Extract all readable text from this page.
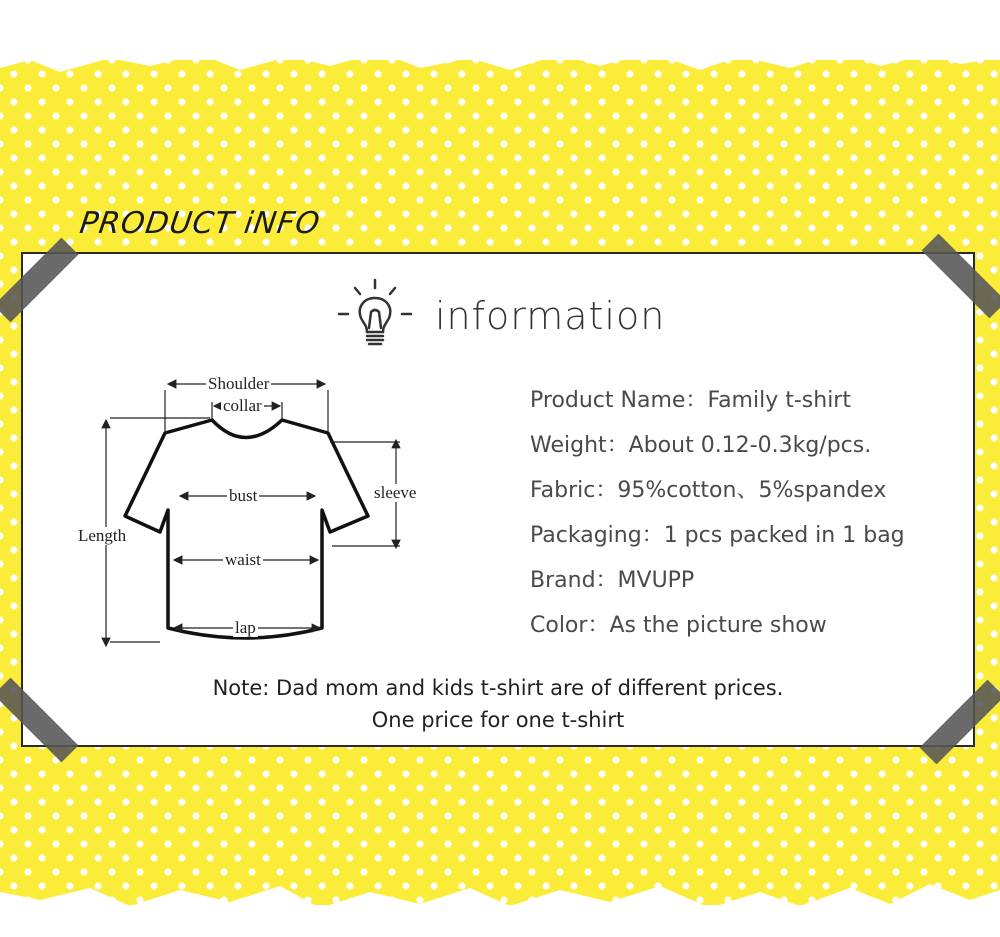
PRODUCT iNFO
information
Shoulder
collar
bust
waist
lap
Length
sleeve
Product Name：Family t-shirt
Weight：About 0.12-0.3kg/pcs.
Fabric：95%cotton、5%spandex
Packaging：1 pcs packed in 1 bag
Brand：MVUPP
Color：As the picture show
Note: Dad mom and kids t-shirt are of different prices.
One price for one t-shirt
